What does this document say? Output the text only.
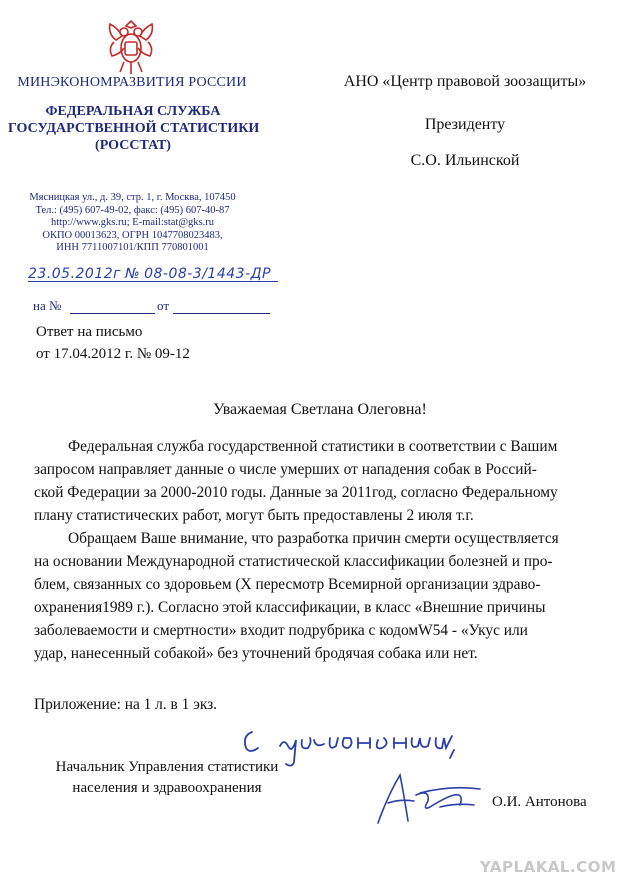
МИНЭКОНОМРАЗВИТИЯ РОССИИ
ФЕДЕРАЛЬНАЯ СЛУЖБА
ГОСУДАРСТВЕННОЙ СТАТИСТИКИ
(РОССТАТ)
Мясницкая ул., д. 39, стр. 1, г. Москва, 107450
Тел.: (495) 607-49-02, факс: (495) 607-40-87
http://www.gks.ru; E-mail:stat@gks.ru
ОКПО 00013623, ОГРН 1047708023483,
ИНН 7711007101/КПП 770801001
23.05.2012г № 08-08-3/1443-ДР
на №	от
Ответ на письмо
от 17.04.2012 г. № 09-12
АНО «Центр правовой зоозащиты»
Президенту
С.О. Ильинской
Уважаемая Светлана Олеговна!
Федеральная служба государственной статистики в соответствии с Вашим
запросом направляет данные о числе умерших от нападения собак в Россий-
ской Федерации за 2000-2010 годы. Данные за 2011год, согласно Федеральному
плану статистических работ, могут быть предоставлены 2 июля т.г.
Обращаем Ваше внимание, что разработка причин смерти осуществляется
на основании Международной статистической классификации болезней и про-
блем, связанных со здоровьем (X пересмотр Всемирной организации здраво-
охранения1989 г.). Согласно этой классификации, в класс «Внешние причины
заболеваемости и смертности» входит подрубрика с кодомW54 - «Укус или
удар, нанесенный собакой» без уточнений бродячая собака или нет.
Приложение: на 1 л. в 1 экз.
Начальник Управления статистики
населения и здравоохранения
О.И. Антонова
YAPLAKAL.COM
